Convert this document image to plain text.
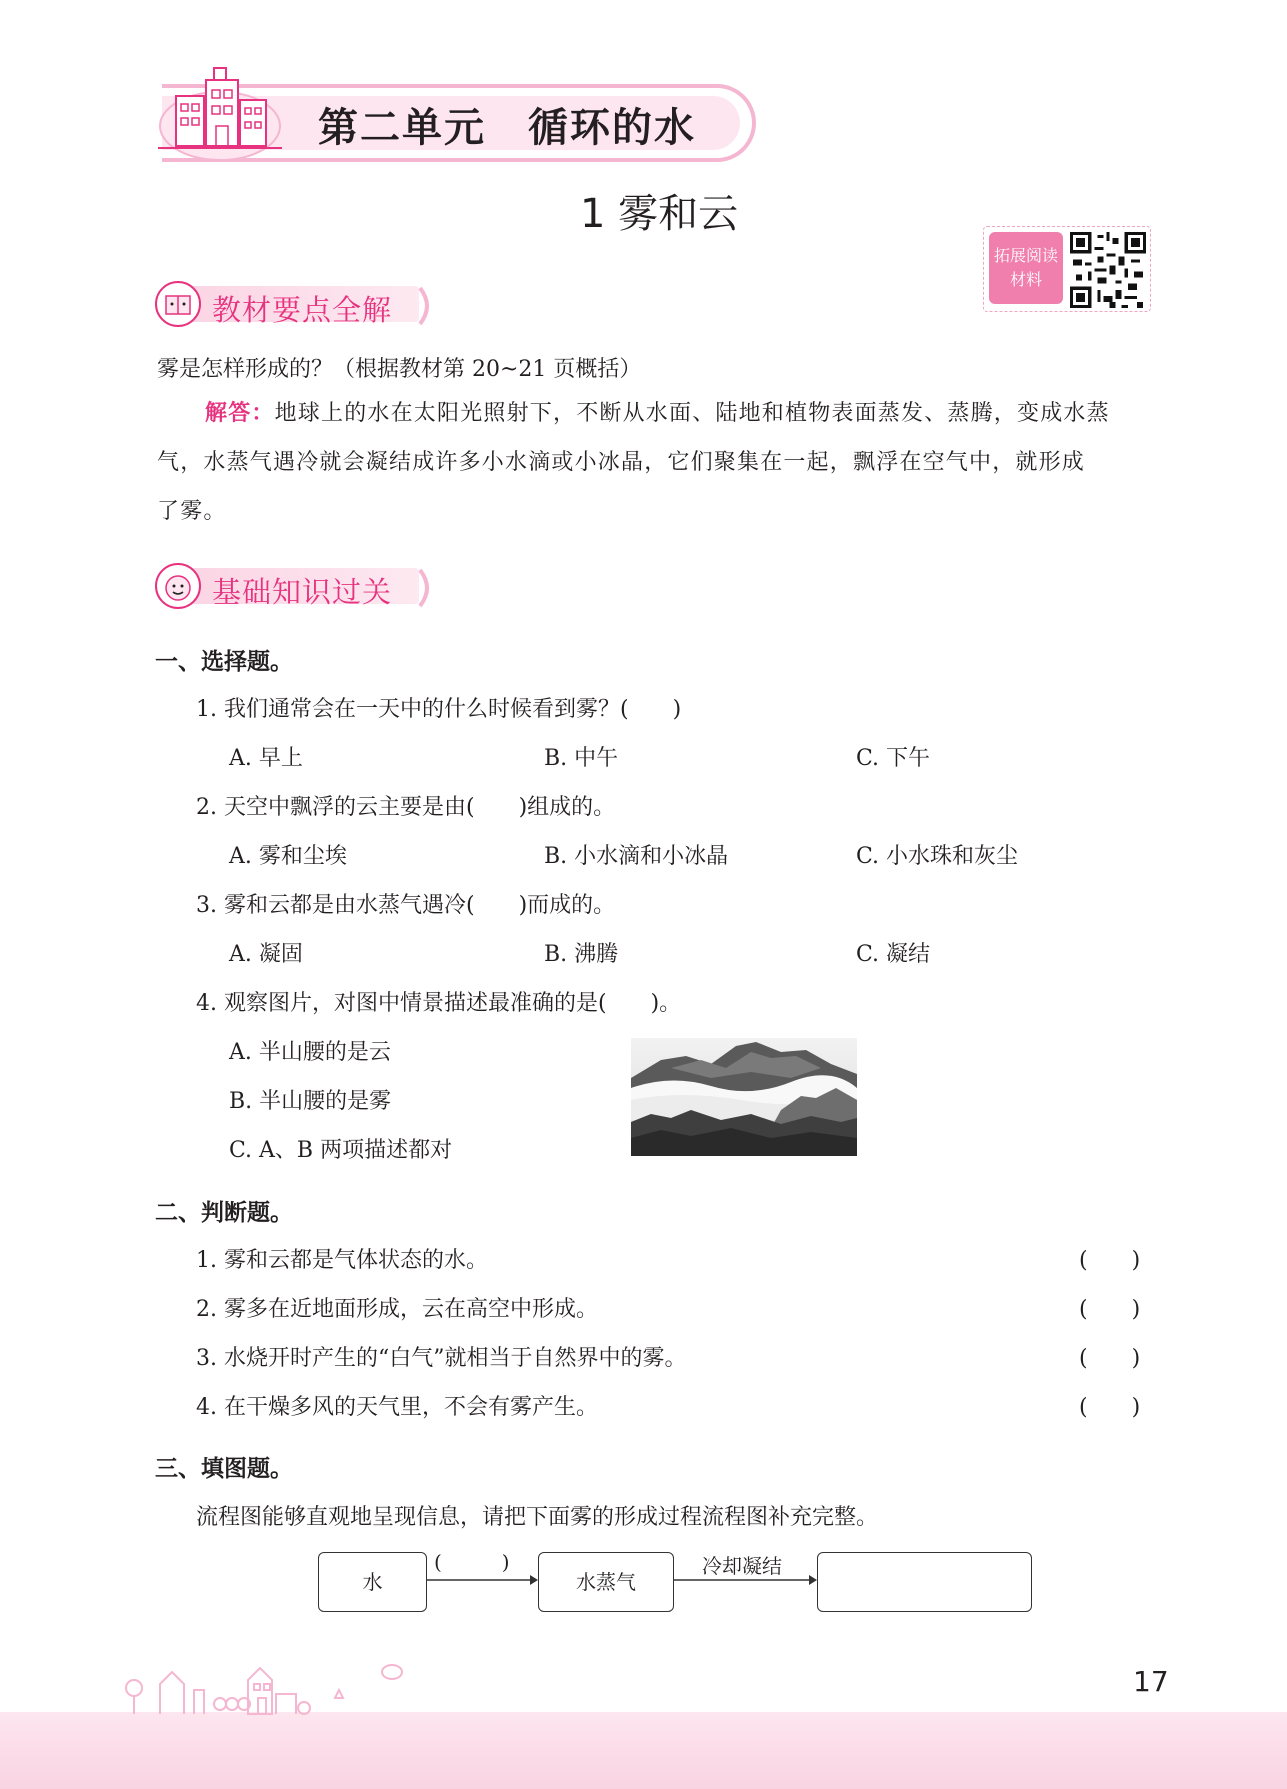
第二单元　循环的水
1 雾和云
拓展阅读
材料
教材要点全解
雾是怎样形成的？（根据教材第 20~21 页概括）
解答：地球上的水在太阳光照射下，不断从水面、陆地和植物表面蒸发、蒸腾，变成水蒸
气，水蒸气遇冷就会凝结成许多小水滴或小冰晶，它们聚集在一起，飘浮在空气中，就形成
了雾。
基础知识过关
一、选择题。
1. 我们通常会在一天中的什么时候看到雾？(　　)
A. 早上	B. 中午	C. 下午
2. 天空中飘浮的云主要是由(　　)组成的。
A. 雾和尘埃	B. 小水滴和小冰晶	C. 小水珠和灰尘
3. 雾和云都是由水蒸气遇冷(　　)而成的。
A. 凝固	B. 沸腾	C. 凝结
4. 观察图片，对图中情景描述最准确的是(　　)。
A. 半山腰的是云
B. 半山腰的是雾
C. A、B 两项描述都对
二、判断题。
1. 雾和云都是气体状态的水。	(　　)
2. 雾多在近地面形成，云在高空中形成。	(　　)
3. 水烧开时产生的“白气”就相当于自然界中的雾。	(　　)
4. 在干燥多风的天气里，不会有雾产生。	(　　)
三、填图题。
流程图能够直观地呈现信息，请把下面雾的形成过程流程图补充完整。
水
(　　　)
水蒸气
冷却凝结
17
